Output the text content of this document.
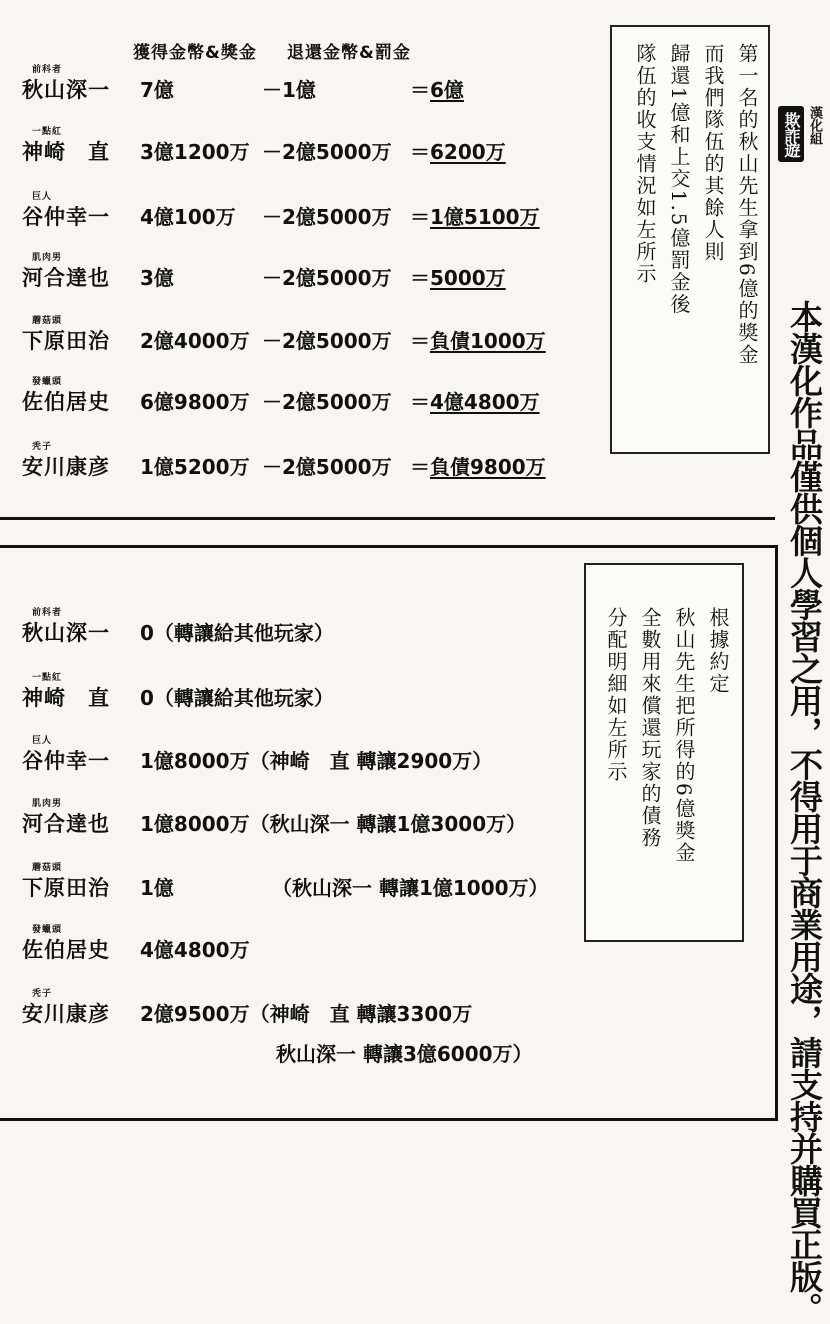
獲得金幣&獎金 退還金幣&罰金
前科者
秋山深一 7億	－1億	＝6億
一點紅
神崎　直 3億1200万 －2億5000万 ＝6200万
巨人
谷仲幸一 4億100万 －2億5000万 ＝1億5100万
肌肉男
河合達也 3億	－2億5000万 ＝5000万
蘑菇頭
下原田治 2億4000万 －2億5000万 ＝負債1000万
發蠟頭
佐伯居史 6億9800万 －2億5000万 ＝4億4800万
秃子
安川康彦 1億5200万 －2億5000万 ＝負債9800万
第一名的秋山先生拿到6億的獎金
而我們隊伍的其餘人則
歸還1億和上交1.5億罰金後
隊伍的收支情況如左所示
前科者
秋山深一 0（轉讓給其他玩家）
一點紅
神崎　直 0（轉讓給其他玩家）
巨人
谷仲幸一 1億8000万（神崎　直 轉讓2900万）
肌肉男
河合達也 1億8000万（秋山深一 轉讓1億3000万）
蘑菇頭
下原田治 1億	（秋山深一 轉讓1億1000万）
發蠟頭
佐伯居史 4億4800万
秃子
安川康彦 2億9500万（神崎　直 轉讓3300万
秋山深一 轉讓3億6000万）
根據約定
秋山先生把所得的6億獎金
全數用來償還玩家的債務
分配明細如左所示
欺詐遊 漢化組
本漢化作品僅供個人學習之用，不得用于商業用途，請支持并購買正版。
